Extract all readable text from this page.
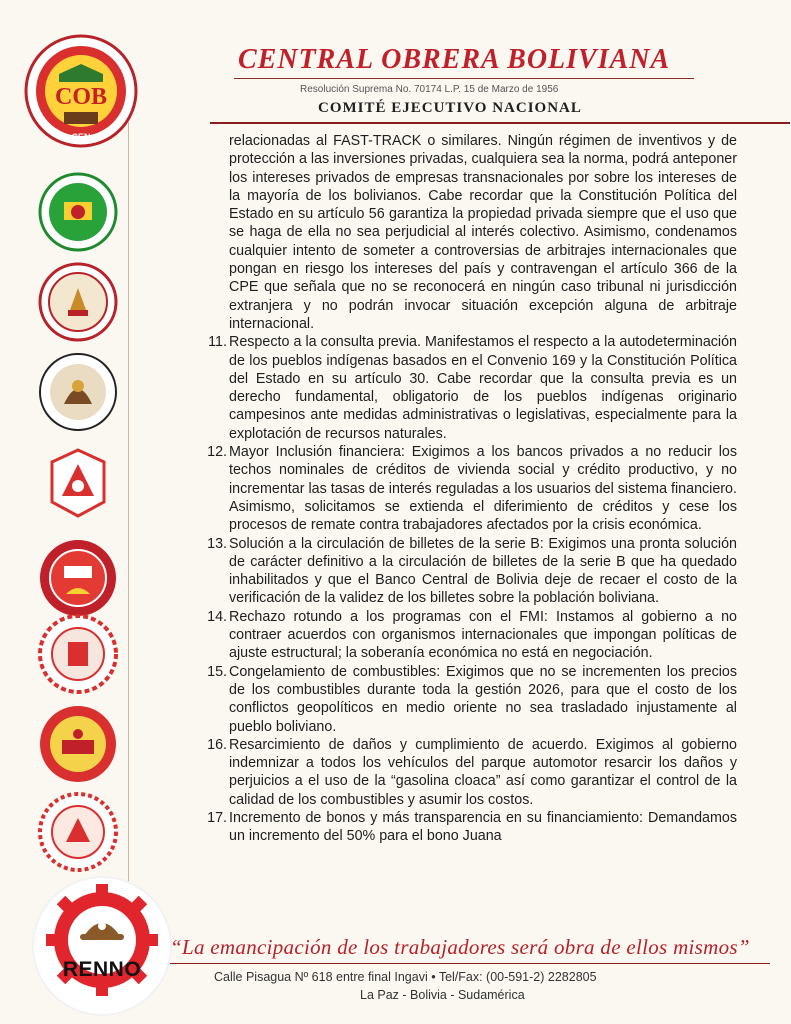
COB
CEN
CENTRAL OBRERA BOLIVIANA
Resolución Suprema No. 70174 L.P. 15 de Marzo de 1956
COMITÉ EJECUTIVO NACIONAL

relacionadas al FAST-TRACK o similares. Ningún régimen de inventivos y de protección a las inversiones privadas, cualquiera sea la norma, podrá anteponer los intereses privados de empresas transnacionales por sobre los intereses de la mayoría de los bolivianos. Cabe recordar que la Constitución Política del Estado en su artículo 56 garantiza la propiedad privada siempre que el uso que se haga de ella no sea perjudicial al interés colectivo. Asimismo, condenamos cualquier intento de someter a controversias de arbitrajes internacionales que pongan en riesgo los intereses del país y contravengan el artículo 366 de la CPE que señala que no se reconocerá en ningún caso tribunal ni jurisdicción extranjera y no podrán invocar situación excepción alguna de arbitraje internacional.

11. Respecto a la consulta previa. Manifestamos el respecto a la autodeterminación de los pueblos indígenas basados en el Convenio 169 y la Constitución Política del Estado en su artículo 30. Cabe recordar que la consulta previa es un derecho fundamental, obligatorio de los pueblos indígenas originario campesinos ante medidas administrativas o legislativas, especialmente para la explotación de recursos naturales.

12. Mayor Inclusión financiera: Exigimos a los bancos privados a no reducir los techos nominales de créditos de vivienda social y crédito productivo, y no incrementar las tasas de interés reguladas a los usuarios del sistema financiero. Asimismo, solicitamos se extienda el diferimiento de créditos y cese los procesos de remate contra trabajadores afectados por la crisis económica.

13. Solución a la circulación de billetes de la serie B: Exigimos una pronta solución de carácter definitivo a la circulación de billetes de la serie B que ha quedado inhabilitados y que el Banco Central de Bolivia deje de recaer el costo de la verificación de la validez de los billetes sobre la población boliviana.

14. Rechazo rotundo a los programas con el FMI: Instamos al gobierno a no contraer acuerdos con organismos internacionales que impongan políticas de ajuste estructural; la soberanía económica no está en negociación.

15. Congelamiento de combustibles: Exigimos que no se incrementen los precios de los combustibles durante toda la gestión 2026, para que el costo de los conflictos geopolíticos en medio oriente no sea trasladado injustamente al pueblo boliviano.

16. Resarcimiento de daños y cumplimiento de acuerdo. Exigimos al gobierno indemnizar a todos los vehículos del parque automotor resarcir los daños y perjuicios a el uso de la “gasolina cloaca” así como garantizar el control de la calidad de los combustibles y asumir los costos.

17. Incremento de bonos y más transparencia en su financiamiento: Demandamos un incremento del 50% para el bono Juana

“La emancipación de los trabajadores será obra de ellos mismos”
Calle Pisagua Nº 618 entre final Ingavi • Tel/Fax: (00-591-2) 2282805
La Paz - Bolivia - Sudamérica
RENNO
